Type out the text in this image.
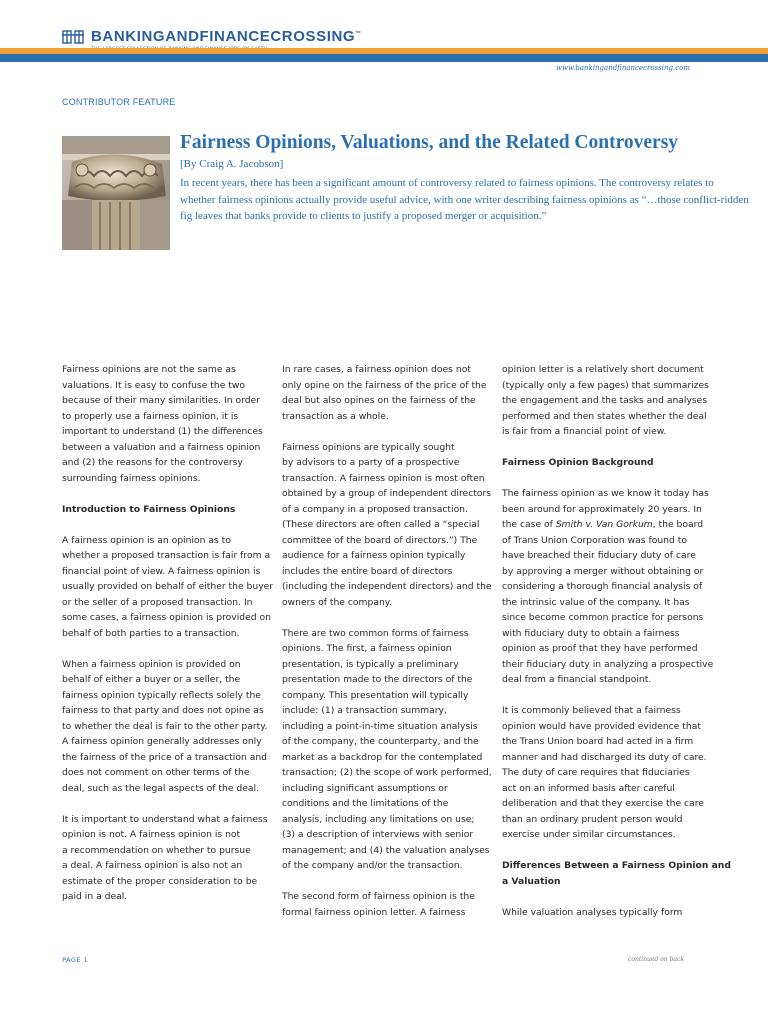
BANKINGANDFINANCECROSSING™
www.bankingandfinancecrossing.com
CONTRIBUTOR FEATURE
Fairness Opinions, Valuations, and the Related Controversy
[By Craig A. Jacobson]
In recent years, there has been a significant amount of controversy related to fairness opinions. The controversy relates to
whether fairness opinions actually provide useful advice, with one writer describing fairness opinions as “…those conflict-ridden
fig leaves that banks provide to clients to justify a proposed merger or acquisition.”

Fairness opinions are not the same as
valuations. It is easy to confuse the two
because of their many similarities. In order
to properly use a fairness opinion, it is
important to understand (1) the differences
between a valuation and a fairness opinion
and (2) the reasons for the controversy
surrounding fairness opinions.

Introduction to Fairness Opinions

A fairness opinion is an opinion as to
whether a proposed transaction is fair from a
financial point of view. A fairness opinion is
usually provided on behalf of either the buyer
or the seller of a proposed transaction. In
some cases, a fairness opinion is provided on
behalf of both parties to a transaction.

When a fairness opinion is provided on
behalf of either a buyer or a seller, the
fairness opinion typically reflects solely the
fairness to that party and does not opine as
to whether the deal is fair to the other party.
A fairness opinion generally addresses only
the fairness of the price of a transaction and
does not comment on other terms of the
deal, such as the legal aspects of the deal.

It is important to understand what a fairness
opinion is not. A fairness opinion is not
a recommendation on whether to pursue
a deal. A fairness opinion is also not an
estimate of the proper consideration to be
paid in a deal.

In rare cases, a fairness opinion does not
only opine on the fairness of the price of the
deal but also opines on the fairness of the
transaction as a whole.

Fairness opinions are typically sought
by advisors to a party of a prospective
transaction. A fairness opinion is most often
obtained by a group of independent directors
of a company in a proposed transaction.
(These directors are often called a “special
committee of the board of directors.”) The
audience for a fairness opinion typically
includes the entire board of directors
(including the independent directors) and the
owners of the company.

There are two common forms of fairness
opinions. The first, a fairness opinion
presentation, is typically a preliminary
presentation made to the directors of the
company. This presentation will typically
include: (1) a transaction summary,
including a point-in-time situation analysis
of the company, the counterparty, and the
market as a backdrop for the contemplated
transaction; (2) the scope of work performed,
including significant assumptions or
conditions and the limitations of the
analysis, including any limitations on use;
(3) a description of interviews with senior
management; and (4) the valuation analyses
of the company and/or the transaction.

The second form of fairness opinion is the
formal fairness opinion letter. A fairness

opinion letter is a relatively short document
(typically only a few pages) that summarizes
the engagement and the tasks and analyses
performed and then states whether the deal
is fair from a financial point of view.

Fairness Opinion Background

The fairness opinion as we know it today has
been around for approximately 20 years. In
the case of Smith v. Van Gorkum, the board
of Trans Union Corporation was found to
have breached their fiduciary duty of care
by approving a merger without obtaining or
considering a thorough financial analysis of
the intrinsic value of the company. It has
since become common practice for persons
with fiduciary duty to obtain a fairness
opinion as proof that they have performed
their fiduciary duty in analyzing a prospective
deal from a financial standpoint.

It is commonly believed that a fairness
opinion would have provided evidence that
the Trans Union board had acted in a firm
manner and had discharged its duty of care.
The duty of care requires that fiduciaries
act on an informed basis after careful
deliberation and that they exercise the care
than an ordinary prudent person would
exercise under similar circumstances.

Differences Between a Fairness Opinion and
a Valuation

While valuation analyses typically form

PAGE 1	continued on back
